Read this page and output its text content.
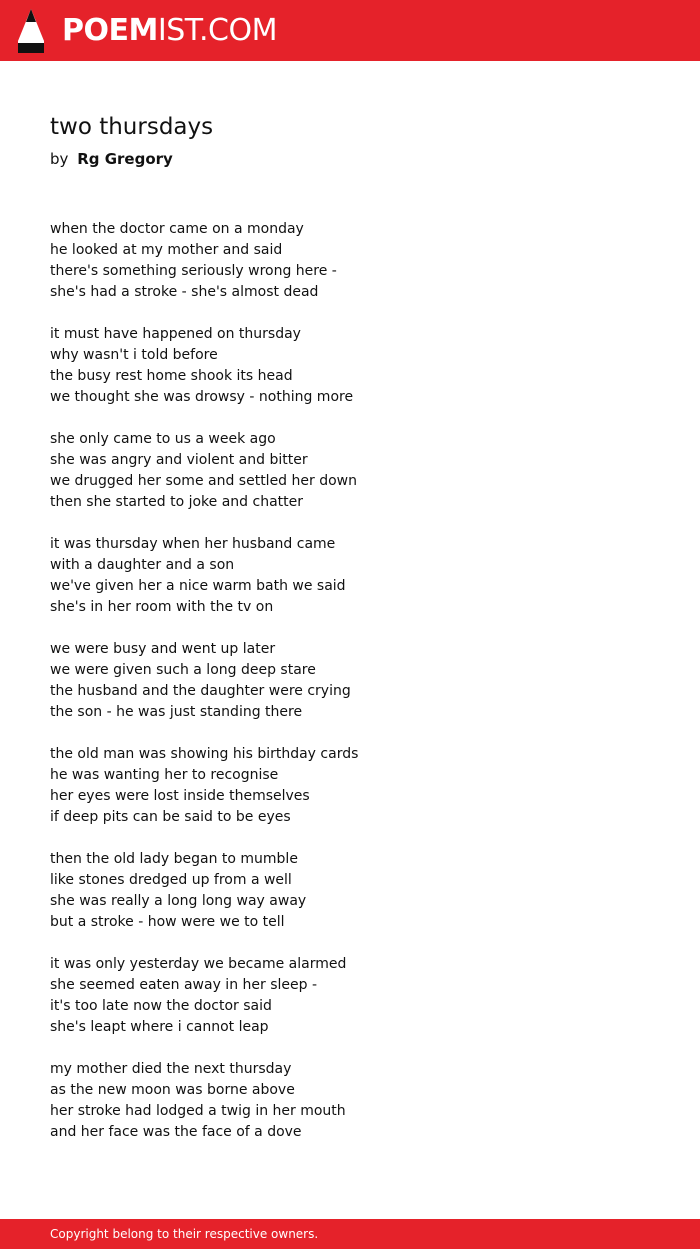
POEM IST.COM
two thursdays
by Rg Gregory
when the doctor came on a monday
he looked at my mother and said
there's something seriously wrong here -
she's had a stroke - she's almost dead
it must have happened on thursday
why wasn't i told before
the busy rest home shook its head
we thought she was drowsy - nothing more
she only came to us a week ago
she was angry and violent and bitter
we drugged her some and settled her down
then she started to joke and chatter
it was thursday when her husband came
with a daughter and a son
we've given her a nice warm bath we said
she's in her room with the tv on
we were busy and went up later
we were given such a long deep stare
the husband and the daughter were crying
the son - he was just standing there
the old man was showing his birthday cards
he was wanting her to recognise
her eyes were lost inside themselves
if deep pits can be said to be eyes
then the old lady began to mumble
like stones dredged up from a well
she was really a long long way away
but a stroke - how were we to tell
it was only yesterday we became alarmed
she seemed eaten away in her sleep -
it's too late now the doctor said
she's leapt where i cannot leap
my mother died the next thursday
as the new moon was borne above
her stroke had lodged a twig in her mouth
and her face was the face of a dove
Copyright belong to their respective owners.
